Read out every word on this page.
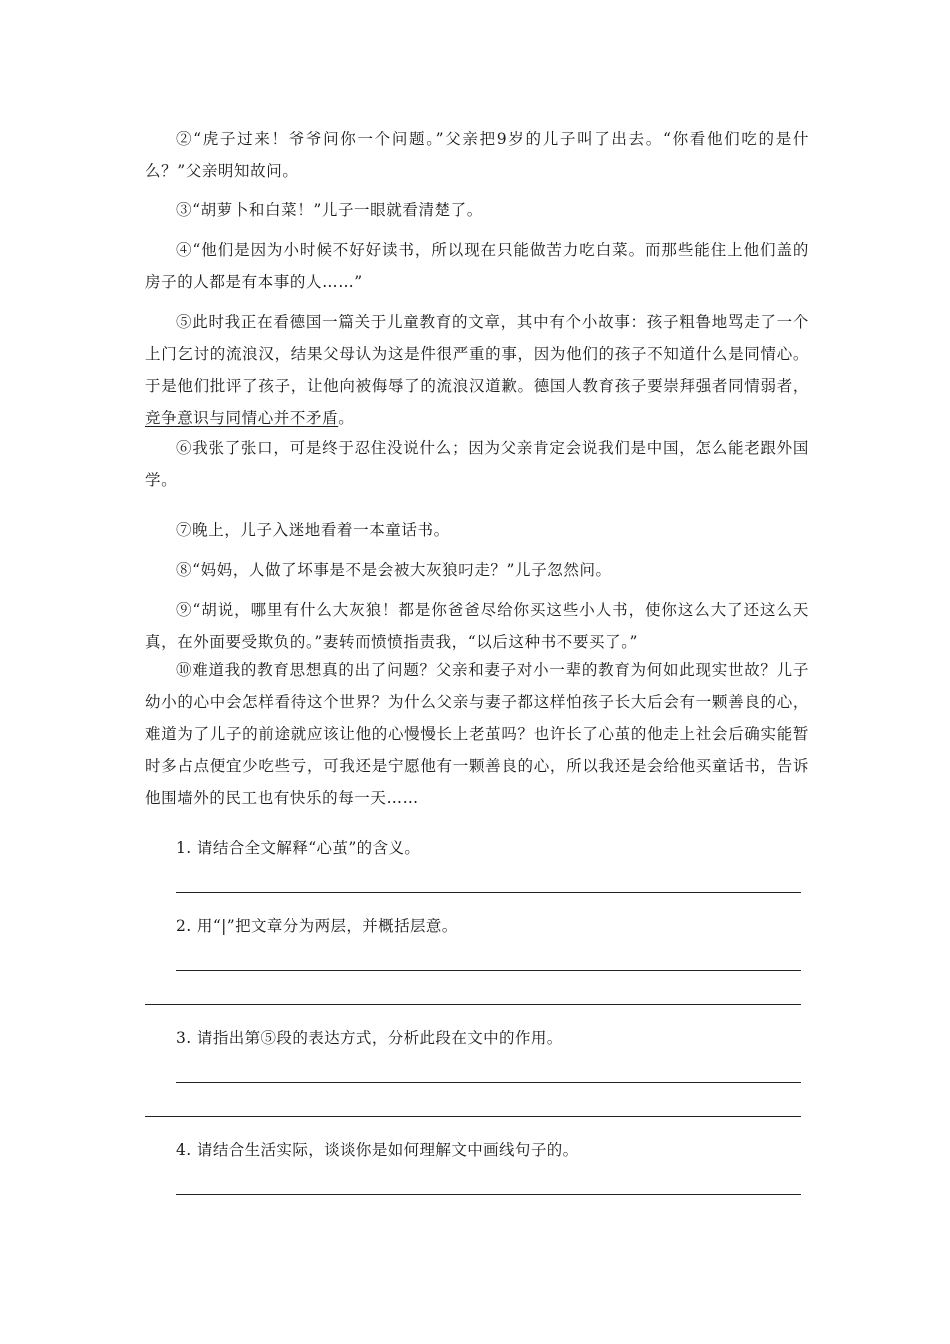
②“虎子过来！爷爷问你一个问题。”父亲把9岁的儿子叫了出去。“你看他们吃的是什么？”父亲明知故问。

③“胡萝卜和白菜！”儿子一眼就看清楚了。

④“他们是因为小时候不好好读书，所以现在只能做苦力吃白菜。而那些能住上他们盖的房子的人都是有本事的人……”

⑤此时我正在看德国一篇关于儿童教育的文章，其中有个小故事：孩子粗鲁地骂走了一个上门乞讨的流浪汉，结果父母认为这是件很严重的事，因为他们的孩子不知道什么是同情心。于是他们批评了孩子，让他向被侮辱了的流浪汉道歉。德国人教育孩子要崇拜强者同情弱者，竞争意识与同情心并不矛盾。

⑥我张了张口，可是终于忍住没说什么；因为父亲肯定会说我们是中国，怎么能老跟外国学。

⑦晚上，儿子入迷地看着一本童话书。

⑧“妈妈，人做了坏事是不是会被大灰狼叼走？”儿子忽然问。

⑨“胡说，哪里有什么大灰狼！都是你爸爸尽给你买这些小人书，使你这么大了还这么天真，在外面要受欺负的。”妻转而愤愤指责我，“以后这种书不要买了。”

⑩难道我的教育思想真的出了问题？父亲和妻子对小一辈的教育为何如此现实世故？儿子幼小的心中会怎样看待这个世界？为什么父亲与妻子都这样怕孩子长大后会有一颗善良的心，难道为了儿子的前途就应该让他的心慢慢长上老茧吗？也许长了心茧的他走上社会后确实能暂时多占点便宜少吃些亏，可我还是宁愿他有一颗善良的心，所以我还是会给他买童话书，告诉他围墙外的民工也有快乐的每一天……

1. 请结合全文解释“心茧”的含义。

2. 用“|”把文章分为两层，并概括层意。

3. 请指出第⑤段的表达方式，分析此段在文中的作用。

4. 请结合生活实际，谈谈你是如何理解文中画线句子的。
